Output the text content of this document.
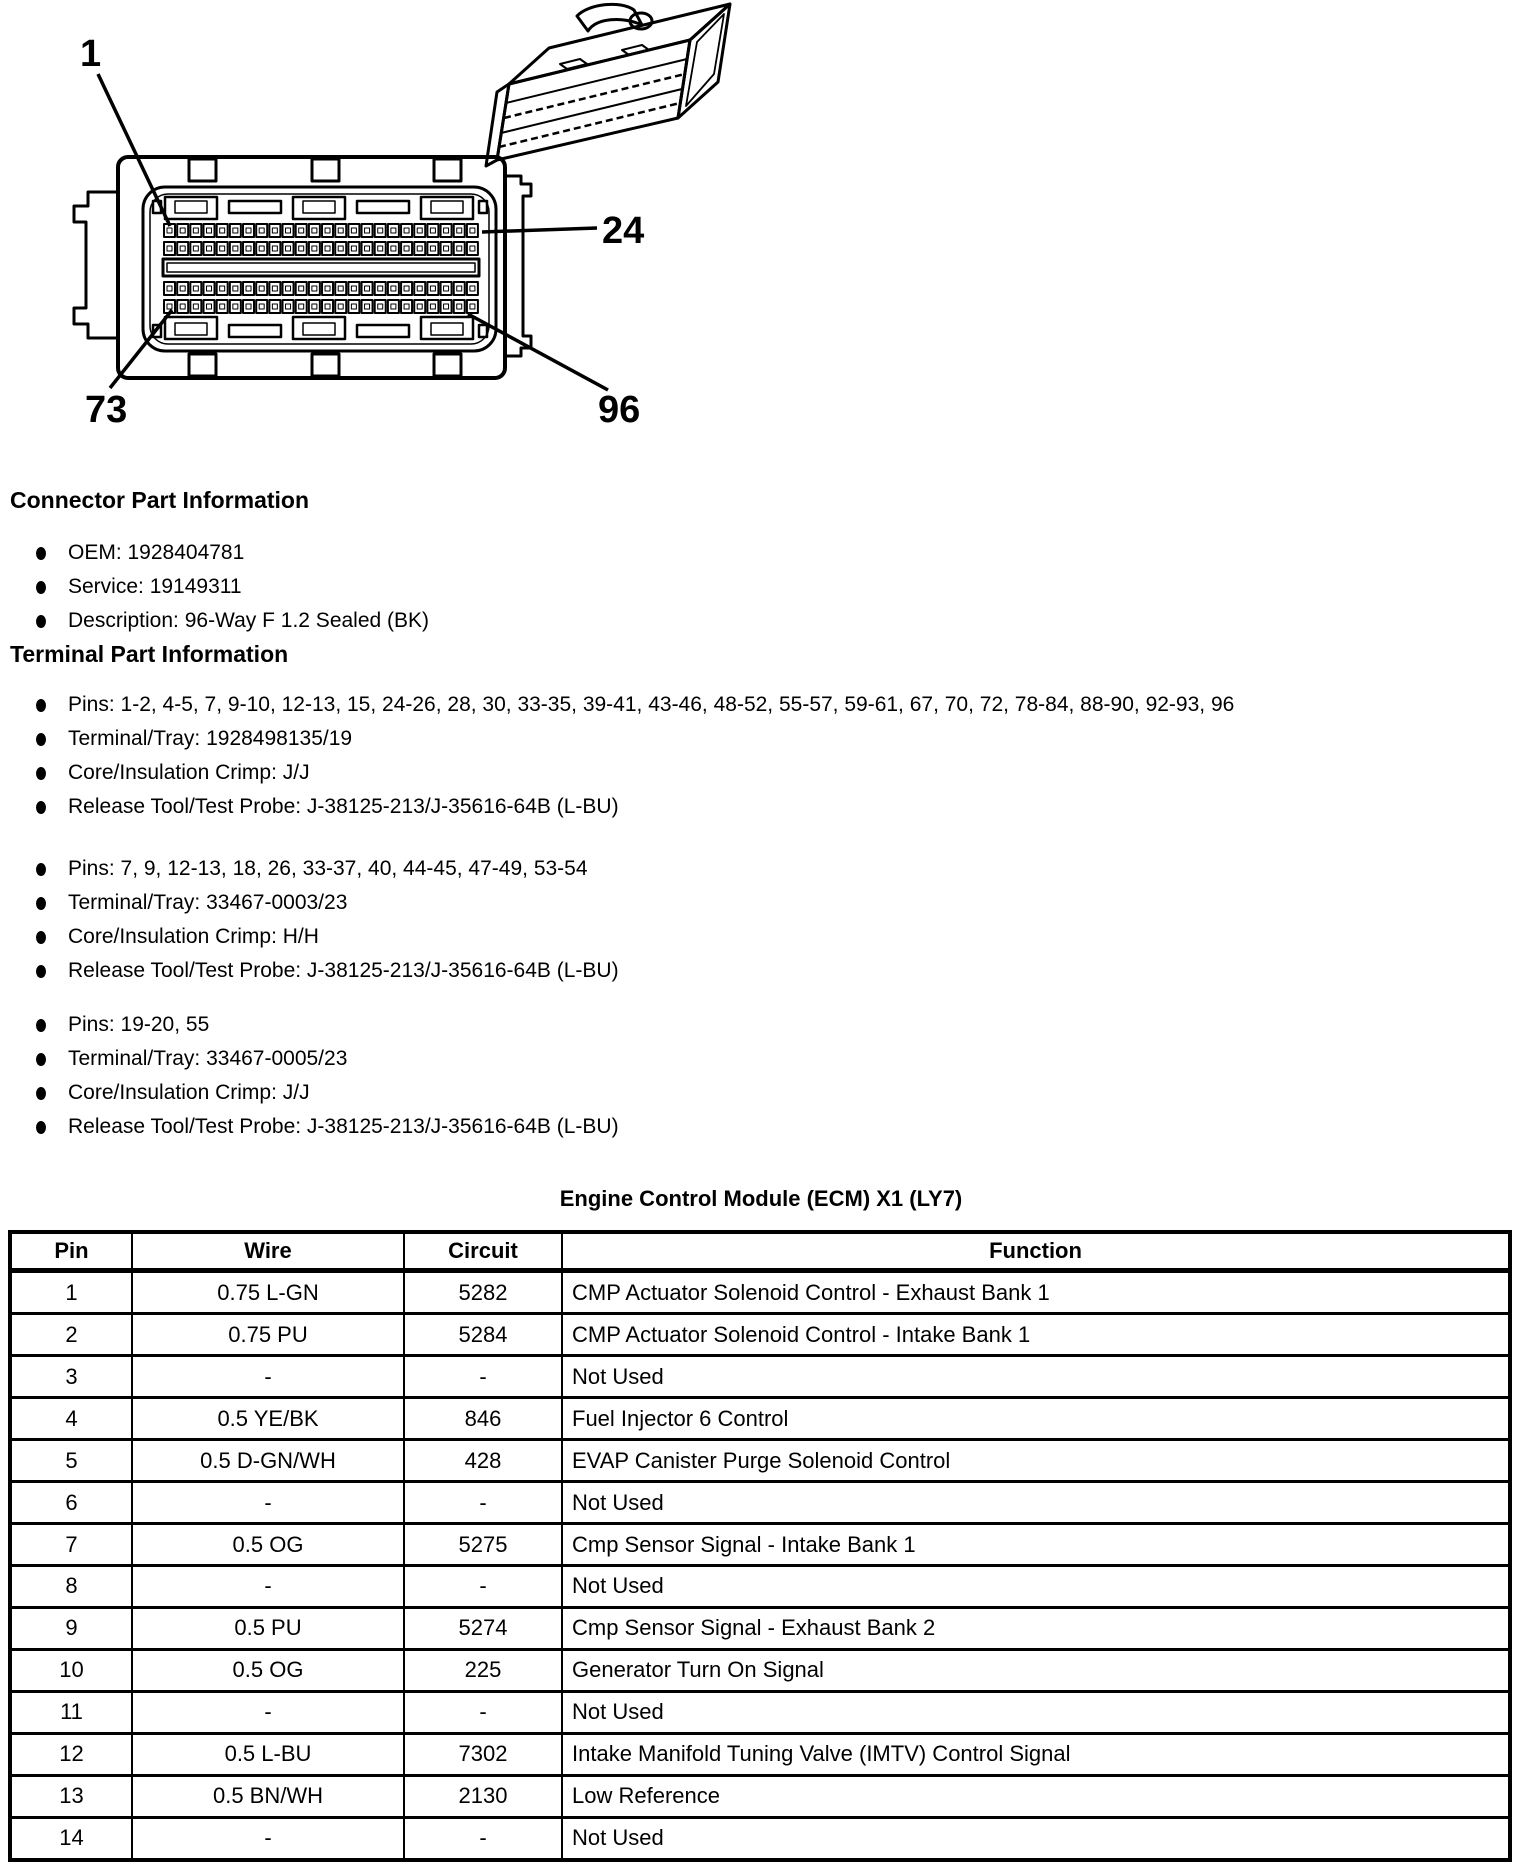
1
24
73	96
Connector Part Information
OEM: 1928404781
Service: 19149311
Description: 96-Way F 1.2 Sealed (BK)
Terminal Part Information
Pins: 1-2, 4-5, 7, 9-10, 12-13, 15, 24-26, 28, 30, 33-35, 39-41, 43-46, 48-52, 55-57, 59-61, 67, 70, 72, 78-84, 88-90, 92-93, 96
Terminal/Tray: 1928498135/19
Core/Insulation Crimp: J/J
Release Tool/Test Probe: J-38125-213/J-35616-64B (L-BU)
Pins: 7, 9, 12-13, 18, 26, 33-37, 40, 44-45, 47-49, 53-54
Terminal/Tray: 33467-0003/23
Core/Insulation Crimp: H/H
Release Tool/Test Probe: J-38125-213/J-35616-64B (L-BU)
Pins: 19-20, 55
Terminal/Tray: 33467-0005/23
Core/Insulation Crimp: J/J
Release Tool/Test Probe: J-38125-213/J-35616-64B (L-BU)
Engine Control Module (ECM) X1 (LY7)
Pin	Wire	Circuit	Function
1	0.75 L-GN	5282	CMP Actuator Solenoid Control - Exhaust Bank 1
2	0.75 PU	5284	CMP Actuator Solenoid Control - Intake Bank 1
3	-	-	Not Used
4	0.5 YE/BK	846	Fuel Injector 6 Control
5	0.5 D-GN/WH	428	EVAP Canister Purge Solenoid Control
6	-	-	Not Used
7	0.5 OG	5275	Cmp Sensor Signal - Intake Bank 1
8	-	-	Not Used
9	0.5 PU	5274	Cmp Sensor Signal - Exhaust Bank 2
10	0.5 OG	225	Generator Turn On Signal
11	-	-	Not Used
12	0.5 L-BU	7302	Intake Manifold Tuning Valve (IMTV) Control Signal
13	0.5 BN/WH	2130	Low Reference
14	-	-	Not Used
